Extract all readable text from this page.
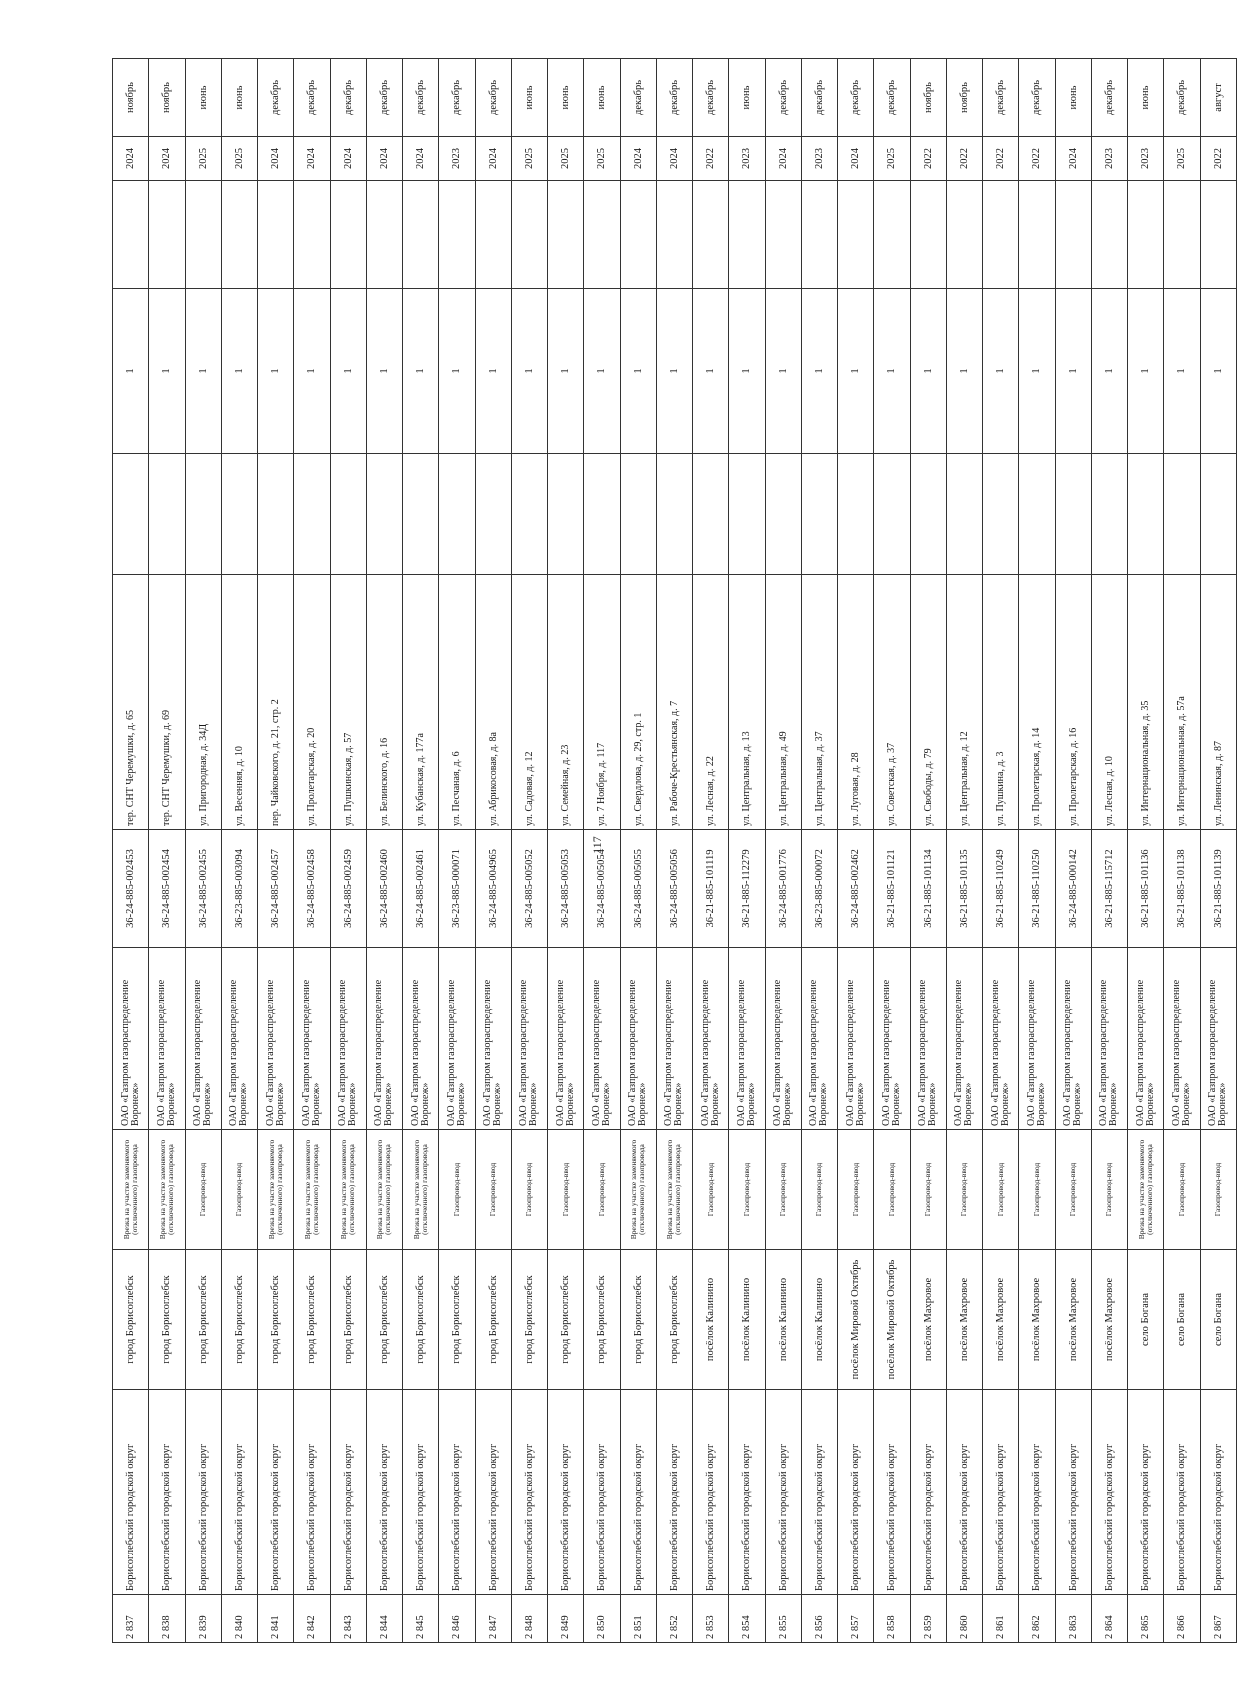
117
2 837	Борисоглебский городской округ	город Борисоглебск	Врезка на участке заменяемого (отключенного) газопровода	ОАО «Газпром газораспределение Воронеж»	36-24-885-002453	тер. СНТ Черемушки, д. 65		1		2024	ноябрь
2 838	Борисоглебский городской округ	город Борисоглебск	Врезка на участке заменяемого (отключенного) газопровода	ОАО «Газпром газораспределение Воронеж»	36-24-885-002454	тер. СНТ Черемушки, д. 69		1		2024	ноябрь
2 839	Борисоглебский городской округ	город Борисоглебск	Газопровод-ввод	ОАО «Газпром газораспределение Воронеж»	36-24-885-002455	ул. Пригородная, д. 34Д		1		2025	июнь
2 840	Борисоглебский городской округ	город Борисоглебск	Газопровод-ввод	ОАО «Газпром газораспределение Воронеж»	36-23-885-003094	ул. Весенняя, д. 10		1		2025	июнь
2 841	Борисоглебский городской округ	город Борисоглебск	Врезка на участке заменяемого (отключенного) газопровода	ОАО «Газпром газораспределение Воронеж»	36-24-885-002457	пер. Чайковского, д. 21, стр. 2		1		2024	декабрь
2 842	Борисоглебский городской округ	город Борисоглебск	Врезка на участке заменяемого (отключенного) газопровода	ОАО «Газпром газораспределение Воронеж»	36-24-885-002458	ул. Пролетарская, д. 20		1		2024	декабрь
2 843	Борисоглебский городской округ	город Борисоглебск	Врезка на участке заменяемого (отключенного) газопровода	ОАО «Газпром газораспределение Воронеж»	36-24-885-002459	ул. Пушкинская, д. 57		1		2024	декабрь
2 844	Борисоглебский городской округ	город Борисоглебск	Врезка на участке заменяемого (отключенного) газопровода	ОАО «Газпром газораспределение Воронеж»	36-24-885-002460	ул. Белинского, д. 16		1		2024	декабрь
2 845	Борисоглебский городской округ	город Борисоглебск	Врезка на участке заменяемого (отключенного) газопровода	ОАО «Газпром газораспределение Воронеж»	36-24-885-002461	ул. Кубанская, д. 177а		1		2024	декабрь
2 846	Борисоглебский городской округ	город Борисоглебск	Газопровод-ввод	ОАО «Газпром газораспределение Воронеж»	36-23-885-000071	ул. Песчаная, д. 6		1		2023	декабрь
2 847	Борисоглебский городской округ	город Борисоглебск	Газопровод-ввод	ОАО «Газпром газораспределение Воронеж»	36-24-885-004965	ул. Абрикосовая, д. 8а		1		2024	декабрь
2 848	Борисоглебский городской округ	город Борисоглебск	Газопровод-ввод	ОАО «Газпром газораспределение Воронеж»	36-24-885-005052	ул. Садовая, д. 12		1		2025	июнь
2 849	Борисоглебский городской округ	город Борисоглебск	Газопровод-ввод	ОАО «Газпром газораспределение Воронеж»	36-24-885-005053	ул. Семейная, д. 23		1		2025	июнь
2 850	Борисоглебский городской округ	город Борисоглебск	Газопровод-ввод	ОАО «Газпром газораспределение Воронеж»	36-24-885-005054	ул. 7 Ноября, д. 117		1		2025	июнь
2 851	Борисоглебский городской округ	город Борисоглебск	Врезка на участке заменяемого (отключенного) газопровода	ОАО «Газпром газораспределение Воронеж»	36-24-885-005055	ул. Свердлова, д. 29, стр. 1		1		2024	декабрь
2 852	Борисоглебский городской округ	город Борисоглебск	Врезка на участке заменяемого (отключенного) газопровода	ОАО «Газпром газораспределение Воронеж»	36-24-885-005056	ул. Рабоче-Крестьянская, д. 7		1		2024	декабрь
2 853	Борисоглебский городской округ	посёлок Калинино	Газопровод-ввод	ОАО «Газпром газораспределение Воронеж»	36-21-885-101119	ул. Лесная, д. 22		1		2022	декабрь
2 854	Борисоглебский городской округ	посёлок Калинино	Газопровод-ввод	ОАО «Газпром газораспределение Воронеж»	36-21-885-112279	ул. Центральная, д. 13		1		2023	июнь
2 855	Борисоглебский городской округ	посёлок Калинино	Газопровод-ввод	ОАО «Газпром газораспределение Воронеж»	36-24-885-001776	ул. Центральная, д. 49		1		2024	декабрь
2 856	Борисоглебский городской округ	посёлок Калинино	Газопровод-ввод	ОАО «Газпром газораспределение Воронеж»	36-23-885-000072	ул. Центральная, д. 37		1		2023	декабрь
2 857	Борисоглебский городской округ	посёлок Мировой Октябрь	Газопровод-ввод	ОАО «Газпром газораспределение Воронеж»	36-24-885-002462	ул. Луговая, д. 28		1		2024	декабрь
2 858	Борисоглебский городской округ	посёлок Мировой Октябрь	Газопровод-ввод	ОАО «Газпром газораспределение Воронеж»	36-21-885-101121	ул. Советская, д. 37		1		2025	декабрь
2 859	Борисоглебский городской округ	посёлок Махровое	Газопровод-ввод	ОАО «Газпром газораспределение Воронеж»	36-21-885-101134	ул. Свободы, д. 79		1		2022	ноябрь
2 860	Борисоглебский городской округ	посёлок Махровое	Газопровод-ввод	ОАО «Газпром газораспределение Воронеж»	36-21-885-101135	ул. Центральная, д. 12		1		2022	ноябрь
2 861	Борисоглебский городской округ	посёлок Махровое	Газопровод-ввод	ОАО «Газпром газораспределение Воронеж»	36-21-885-110249	ул. Пушкина, д. 3		1		2022	декабрь
2 862	Борисоглебский городской округ	посёлок Махровое	Газопровод-ввод	ОАО «Газпром газораспределение Воронеж»	36-21-885-110250	ул. Пролетарская, д. 14		1		2022	декабрь
2 863	Борисоглебский городской округ	посёлок Махровое	Газопровод-ввод	ОАО «Газпром газораспределение Воронеж»	36-24-885-000142	ул. Пролетарская, д. 16		1		2024	июнь
2 864	Борисоглебский городской округ	посёлок Махровое	Газопровод-ввод	ОАО «Газпром газораспределение Воронеж»	36-21-885-115712	ул. Лесная, д. 10		1		2023	декабрь
2 865	Борисоглебский городской округ	село Богана	Врезка на участке заменяемого (отключенного) газопровода	ОАО «Газпром газораспределение Воронеж»	36-21-885-101136	ул. Интернациональная, д. 35		1		2023	июнь
2 866	Борисоглебский городской округ	село Богана	Газопровод-ввод	ОАО «Газпром газораспределение Воронеж»	36-21-885-101138	ул. Интернациональная, д. 57а		1		2025	декабрь
2 867	Борисоглебский городской округ	село Богана	Газопровод-ввод	ОАО «Газпром газораспределение Воронеж»	36-21-885-101139	ул. Ленинская, д. 87		1		2022	август
